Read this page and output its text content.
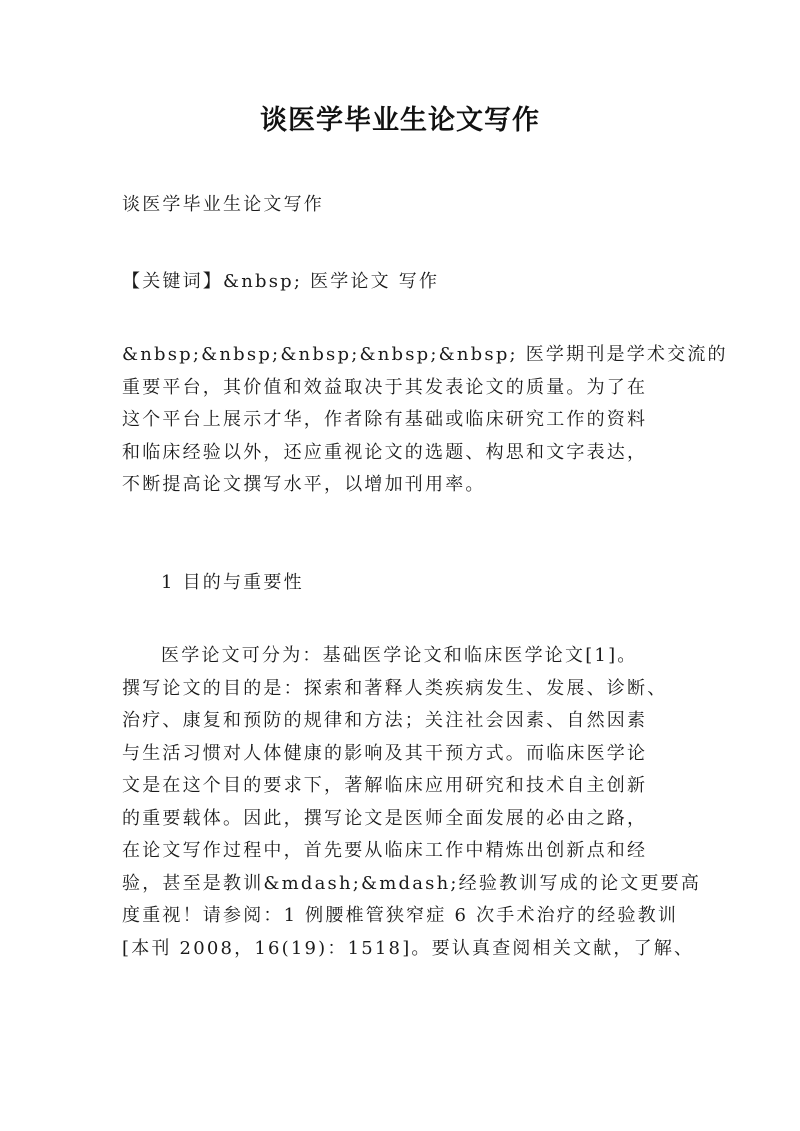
谈医学毕业生论文写作
谈医学毕业生论文写作
【关键词】&nbsp; 医学论文 写作
&nbsp;&nbsp;&nbsp;&nbsp;&nbsp; 医学期刊是学术交流的
重要平台，其价值和效益取决于其发表论文的质量。为了在
这个平台上展示才华，作者除有基础或临床研究工作的资料
和临床经验以外，还应重视论文的选题、构思和文字表达，
不断提高论文撰写水平，以增加刊用率。
1 目的与重要性
医学论文可分为：基础医学论文和临床医学论文[1]。
撰写论文的目的是：探索和著释人类疾病发生、发展、诊断、
治疗、康复和预防的规律和方法；关注社会因素、自然因素
与生活习惯对人体健康的影响及其干预方式。而临床医学论
文是在这个目的要求下，著解临床应用研究和技术自主创新
的重要载体。因此，撰写论文是医师全面发展的必由之路，
在论文写作过程中，首先要从临床工作中精炼出创新点和经
验，甚至是教训&mdash;&mdash;经验教训写成的论文更要高
度重视！请参阅：1 例腰椎管狭窄症 6 次手术治疗的经验教训
[本刊 2008，16(19)：1518]。要认真查阅相关文献，了解、
